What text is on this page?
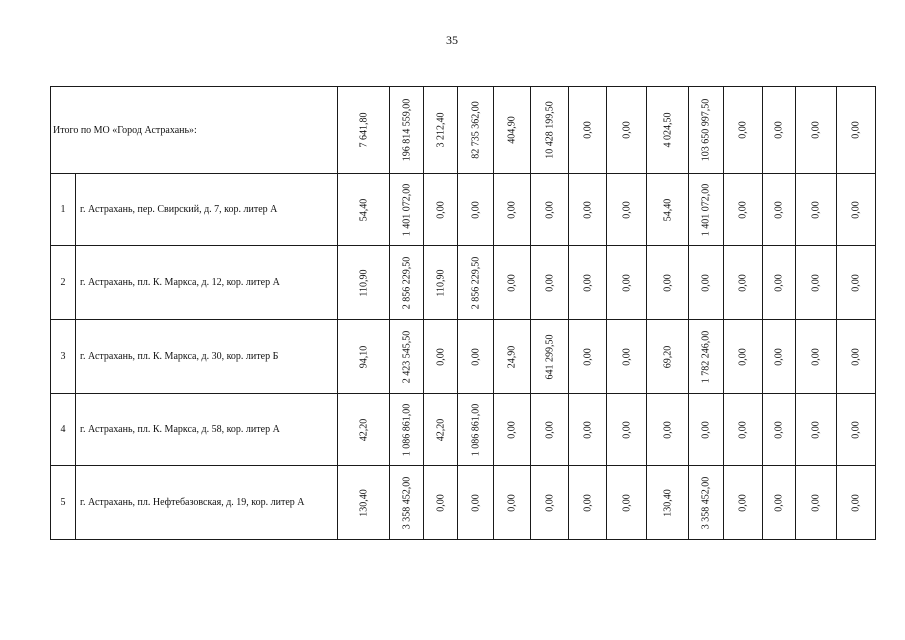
35
Итого по МО «Город Астрахань»:		7 641,80	196 814 559,00	3 212,40	82 735 362,00	404,90	10 428 199,50	0,00	0,00	4 024,50	103 650 997,50	0,00	0,00	0,00	0,00

1	г. Астрахань, пер. Свирский, д. 7, кор. литер А	54,40	1 401 072,00	0,00	0,00	0,00	0,00	0,00	0,00	54,40	1 401 072,00	0,00	0,00	0,00	0,00

2	г. Астрахань, пл. К. Маркса, д. 12, кор. литер А	110,90	2 856 229,50	110,90	2 856 229,50	0,00	0,00	0,00	0,00	0,00	0,00	0,00	0,00	0,00	0,00

3	г. Астрахань, пл. К. Маркса, д. 30, кор. литер Б	94,10	2 423 545,50	0,00	0,00	24,90	641 299,50	0,00	0,00	69,20	1 782 246,00	0,00	0,00	0,00	0,00

4	г. Астрахань, пл. К. Маркса, д. 58, кор. литер А	42,20	1 086 861,00	42,20	1 086 861,00	0,00	0,00	0,00	0,00	0,00	0,00	0,00	0,00	0,00	0,00

5	г. Астрахань, пл. Нефтебазовская, д. 19, кор. литер А	130,40	3 358 452,00	0,00	0,00	0,00	0,00	0,00	0,00	130,40	3 358 452,00	0,00	0,00	0,00	0,00
